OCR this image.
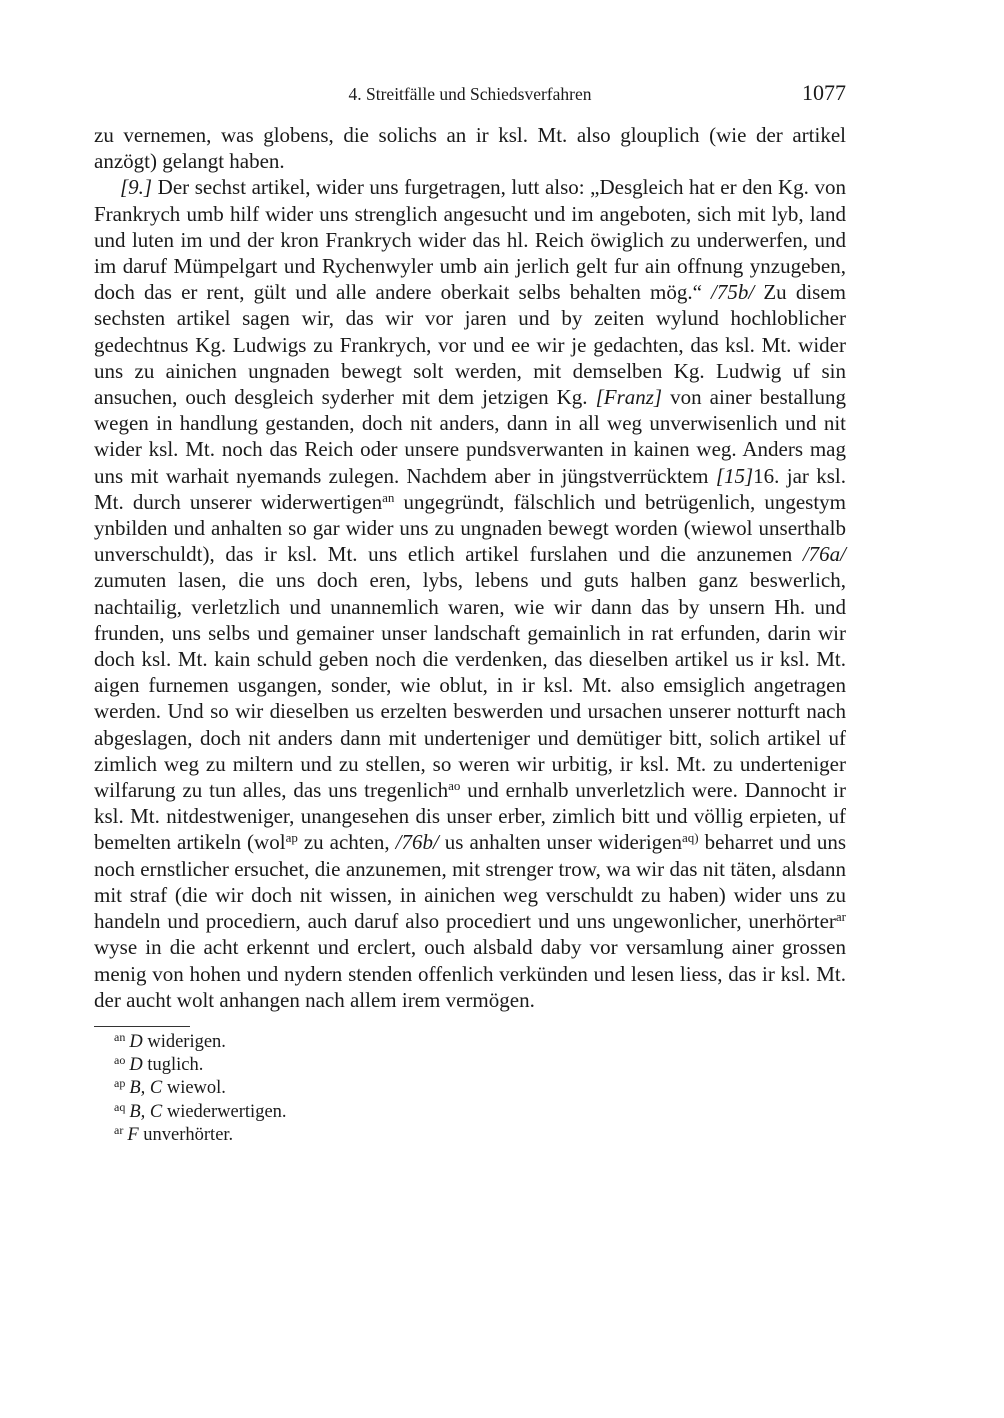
4. Streitfälle und Schiedsverfahren	1077

zu vernemen, was globens, die solichs an ir ksl. Mt. also glouplich (wie der artikel anzögt) gelangt haben.

[9.] Der sechst artikel, wider uns furgetragen, lutt also: „Desgleich hat er den Kg. von Frankrych umb hilf wider uns strenglich angesucht und im angeboten, sich mit lyb, land und luten im und der kron Frankrych wider das hl. Reich öwiglich zu underwerfen, und im daruf Mümpelgart und Rychenwyler umb ain jerlich gelt fur ain offnung ynzugeben, doch das er rent, gült und alle andere oberkait selbs behalten mög.“ /75b/ Zu disem sechsten artikel sagen wir, das wir vor jaren und by zeiten wylund hochloblicher gedechtnus Kg. Ludwigs zu Frankrych, vor und ee wir je gedachten, das ksl. Mt. wider uns zu ainichen ungnaden bewegt solt werden, mit demselben Kg. Ludwig uf sin ansuchen, ouch desgleich syderher mit dem jetzigen Kg. [Franz] von ainer bestallung wegen in handlung gestanden, doch nit anders, dann in all weg unverwisenlich und nit wider ksl. Mt. noch das Reich oder unsere pundsverwanten in kainen weg. Anders mag uns mit warhait nyemands zulegen. Nachdem aber in jüngstverrücktem [15]16. jar ksl. Mt. durch unserer widerwertigen$^{an}$ ungegründt, fälschlich und betrügenlich, ungestym ynbilden und anhalten so gar wider uns zu ungnaden bewegt worden (wiewol unserthalb unverschuldt), das ir ksl. Mt. uns etlich artikel furslahen und die anzunemen /76a/ zumuten lasen, die uns doch eren, lybs, lebens und guts halben ganz beswerlich, nachtailig, verletzlich und unannemlich waren, wie wir dann das by unsern Hh. und frunden, uns selbs und gemainer unser landschaft gemainlich in rat erfunden, darin wir doch ksl. Mt. kain schuld geben noch die verdenken, das dieselben artikel us ir ksl. Mt. aigen furnemen usgangen, sonder, wie oblut, in ir ksl. Mt. also emsiglich angetragen werden. Und so wir dieselben us erzelten beswerden und ursachen unserer notturft nach abgeslagen, doch nit anders dann mit underteniger und demütiger bitt, solich artikel uf zimlich weg zu miltern und zu stellen, so weren wir urbitig, ir ksl. Mt. zu underteniger wilfarung zu tun alles, das uns tregenlich$^{ao}$ und ernhalb unverletzlich were. Dannocht ir ksl. Mt. nitdestweniger, unangesehen dis unser erber, zimlich bitt und völlig erpieten, uf bemelten artikeln (wol$^{ap}$ zu achten, /76b/ us anhalten unser widerigen$^{aq)}$ beharret und uns noch ernstlicher ersuchet, die anzunemen, mit strenger trow, wa wir das nit täten, alsdann mit straf (die wir doch nit wissen, in ainichen weg verschuldt zu haben) wider uns zu handeln und procediern, auch daruf also procediert und uns ungewonlicher, unerhörter$^{ar}$ wyse in die acht erkennt und erclert, ouch alsbald daby vor versamlung ainer grossen menig von hohen und nydern stenden offenlich verkünden und lesen liess, das ir ksl. Mt. der aucht wolt anhangen nach allem irem vermögen.

$^{an}$ D widerigen.
$^{ao}$ D tuglich.
$^{ap}$ B, C wiewol.
$^{aq}$ B, C wiederwertigen.
$^{ar}$ F unverhörter.
